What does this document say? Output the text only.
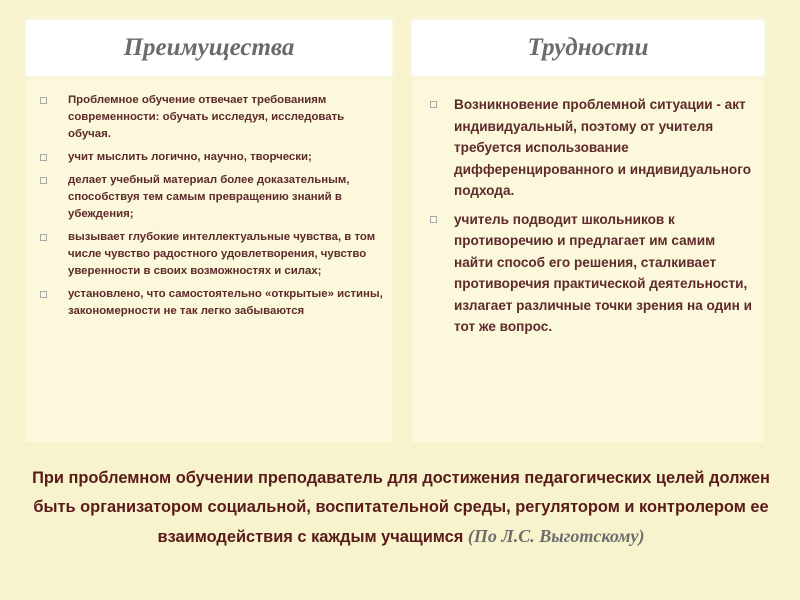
Преимущества	Трудности
Проблемное обучение отвечает требованиям современности: обучать исследуя, исследовать обучая.
учит мыслить логично, научно, творчески;
делает учебный материал более доказательным, способствуя тем самым превращению знаний в убеждения;
вызывает глубокие интеллектуальные чувства, в том числе чувство радостного удовлетворения, чувство уверенности в своих возможностях и силах;
установлено, что самостоятельно «открытые» истины, закономерности не так легко забываются
Возникновение проблемной ситуации - акт индивидуальный, поэтому от учителя требуется использование дифференцированного и индивидуального подхода.
учитель подводит школьников к противоречию и предлагает им самим найти способ его решения, сталкивает противоречия практической деятельности, излагает различные точки зрения на один и тот же вопрос.
При проблемном обучении преподаватель для достижения педагогических целей должен быть организатором социальной, воспитательной среды, регулятором и контролером ее взаимодействия с каждым учащимся (По Л.С. Выготскому)
